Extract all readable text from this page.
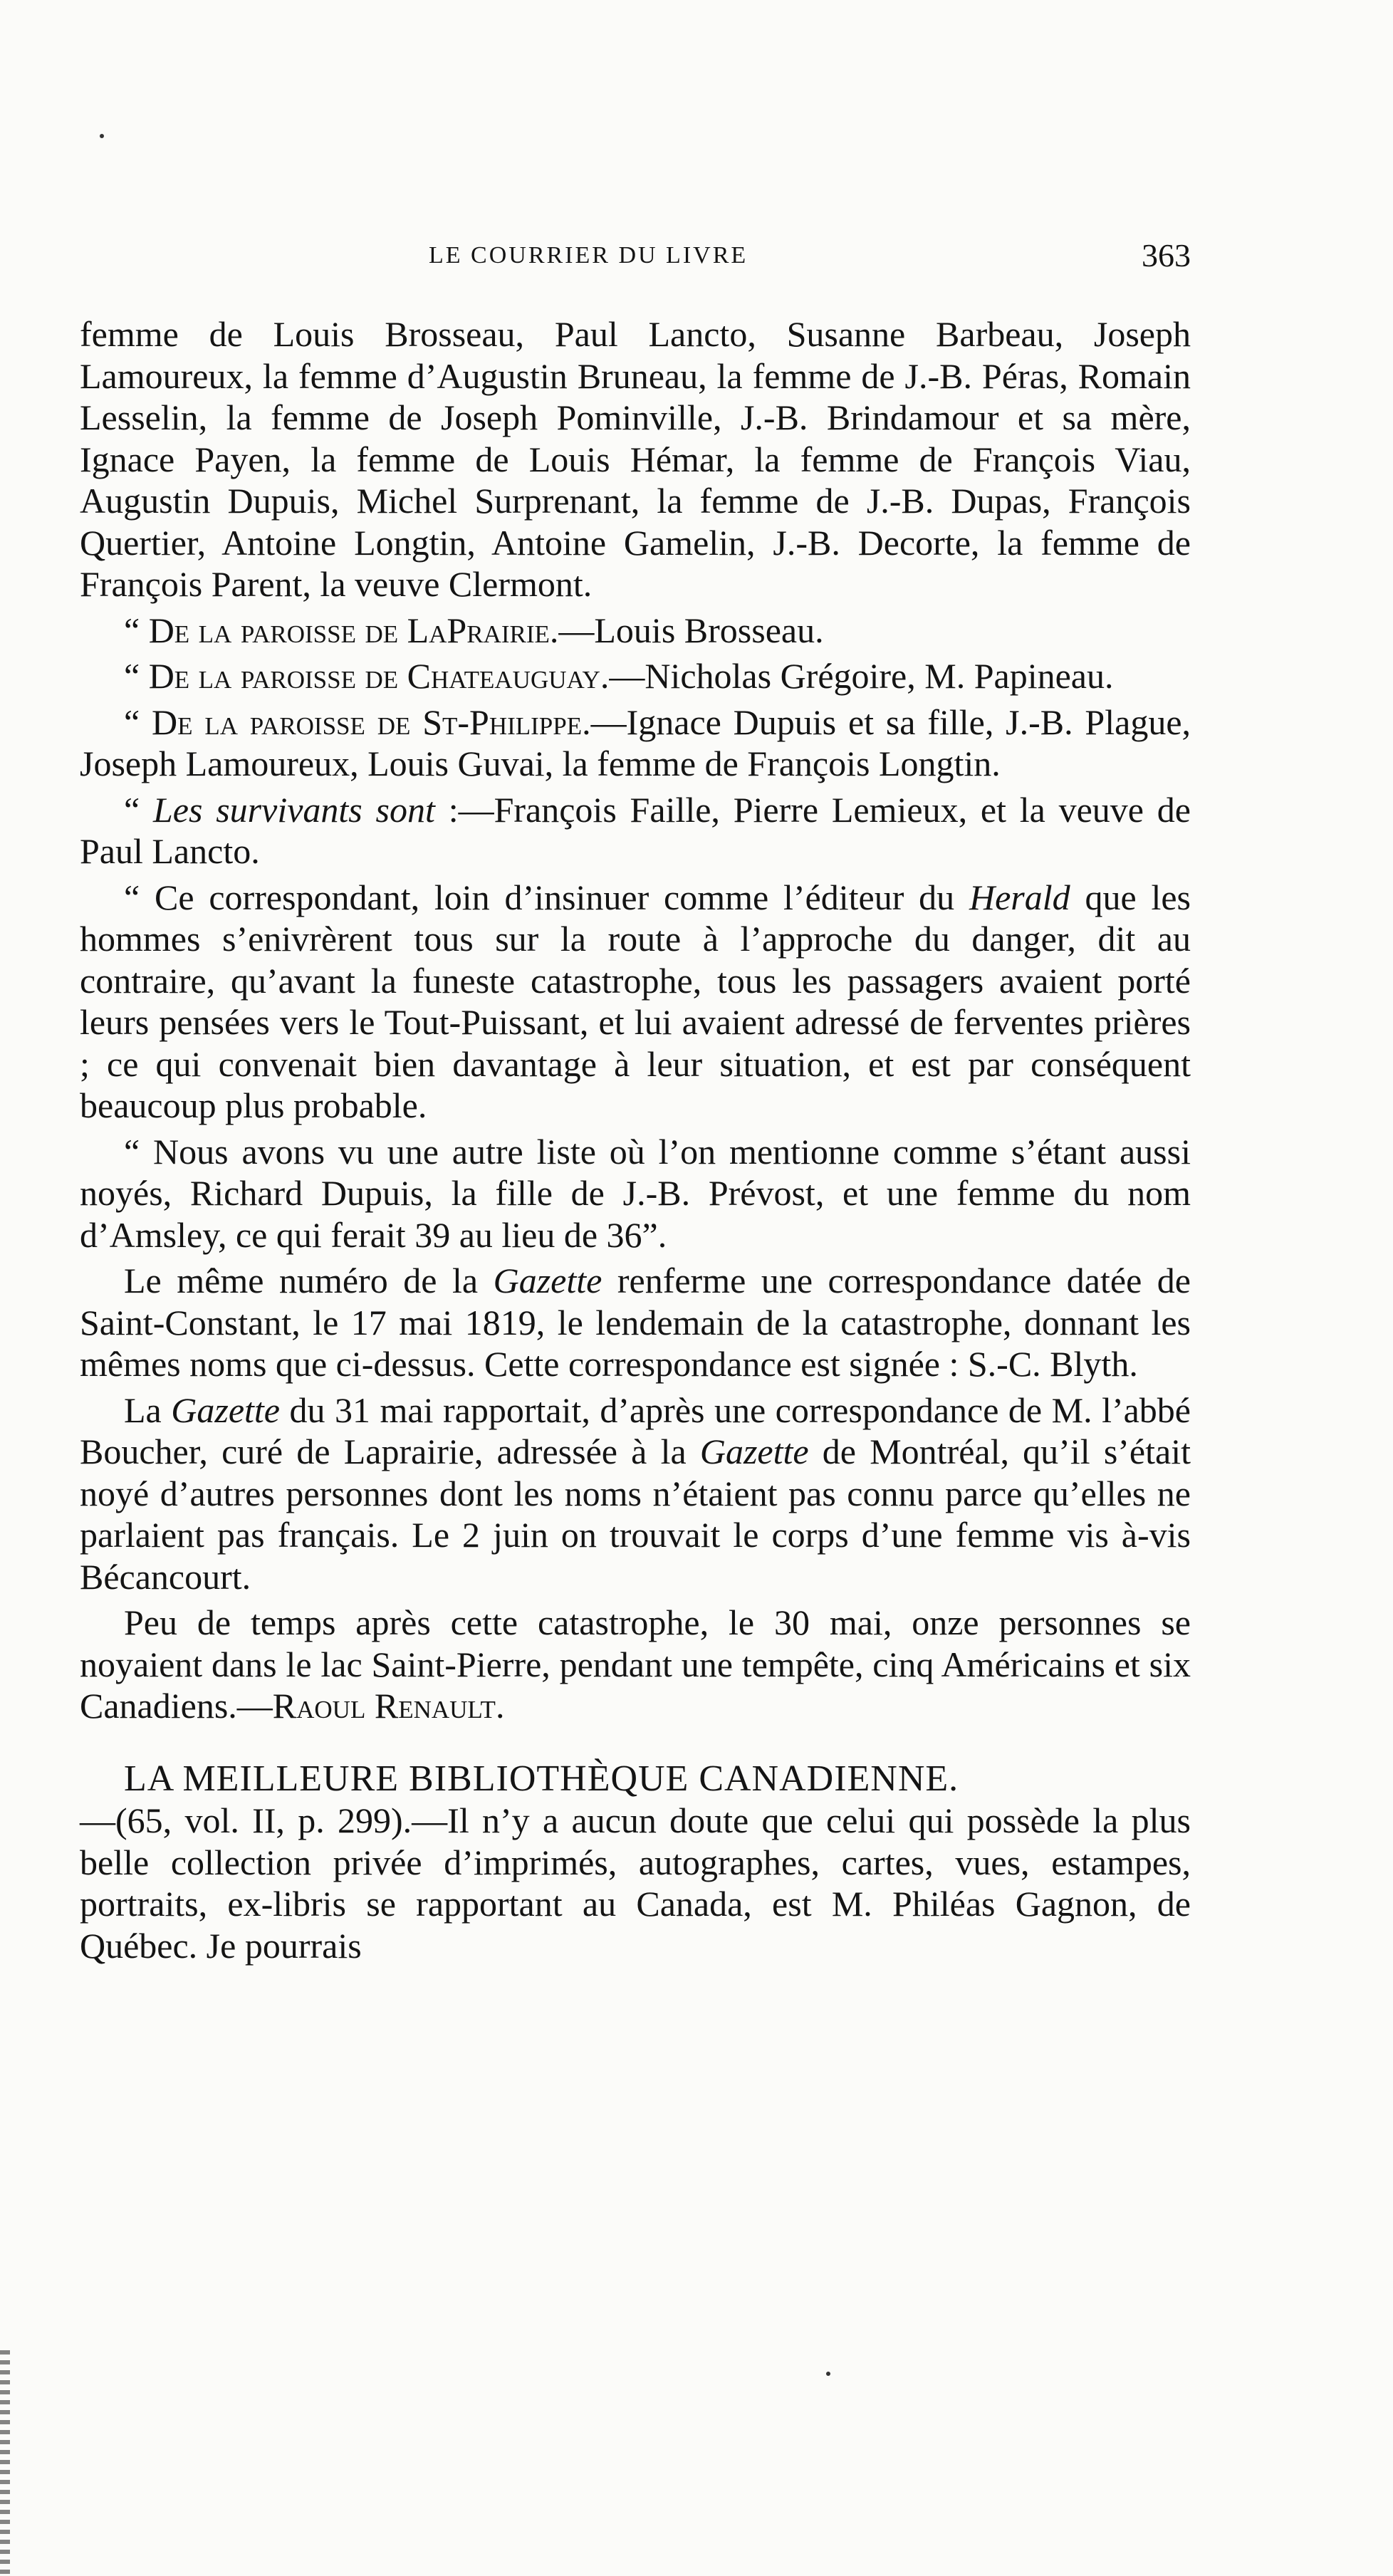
LE COURRIER DU LIVRE	363

femme de Louis Brosseau, Paul Lancto, Susanne Barbeau, Joseph Lamoureux, la femme d’Augustin Bruneau, la femme de J.-B. Péras, Romain Lesselin, la femme de Joseph Pominville, J.-B. Brindamour et sa mère, Ignace Payen, la femme de Louis Hémar, la femme de François Viau, Augustin Dupuis, Michel Surprenant, la femme de J.-B. Dupas, François Quertier, Antoine Longtin, Antoine Gamelin, J.-B. Decorte, la femme de François Parent, la veuve Clermont.

“ De la paroisse de LaPrairie.—Louis Brosseau.

“ De la paroisse de Chateauguay.—Nicholas Grégoire, M. Papineau.

“ De la paroisse de St-Philippe.—Ignace Dupuis et sa fille, J.-B. Plague, Joseph Lamoureux, Louis Guvai, la femme de François Longtin.

“ Les survivants sont :—François Faille, Pierre Lemieux, et la veuve de Paul Lancto.

“ Ce correspondant, loin d’insinuer comme l’éditeur du Herald que les hommes s’enivrèrent tous sur la route à l’approche du danger, dit au contraire, qu’avant la funeste catastrophe, tous les passagers avaient porté leurs pensées vers le Tout-Puissant, et lui avaient adressé de ferventes prières ; ce qui convenait bien davantage à leur situation, et est par conséquent beaucoup plus probable.

“ Nous avons vu une autre liste où l’on mentionne comme s’étant aussi noyés, Richard Dupuis, la fille de J.-B. Prévost, et une femme du nom d’Amsley, ce qui ferait 39 au lieu de 36”.

Le même numéro de la Gazette renferme une correspondance datée de Saint-Constant, le 17 mai 1819, le lendemain de la catastrophe, donnant les mêmes noms que ci-dessus. Cette correspondance est signée : S.-C. Blyth.

La Gazette du 31 mai rapportait, d’après une correspondance de M. l’abbé Boucher, curé de Laprairie, adressée à la Gazette de Montréal, qu’il s’était noyé d’autres personnes dont les noms n’étaient pas connu parce qu’elles ne parlaient pas français. Le 2 juin on trouvait le corps d’une femme vis à-vis Bécancourt.

Peu de temps après cette catastrophe, le 30 mai, onze personnes se noyaient dans le lac Saint-Pierre, pendant une tempête, cinq Américains et six Canadiens.—Raoul Renault.

LA MEILLEURE BIBLIOTHÈQUE CANADIENNE.

—(65, vol. II, p. 299).—Il n’y a aucun doute que celui qui possède la plus belle collection privée d’imprimés, autographes, cartes, vues, estampes, portraits, ex-libris se rapportant au Canada, est M. Philéas Gagnon, de Québec. Je pourrais
